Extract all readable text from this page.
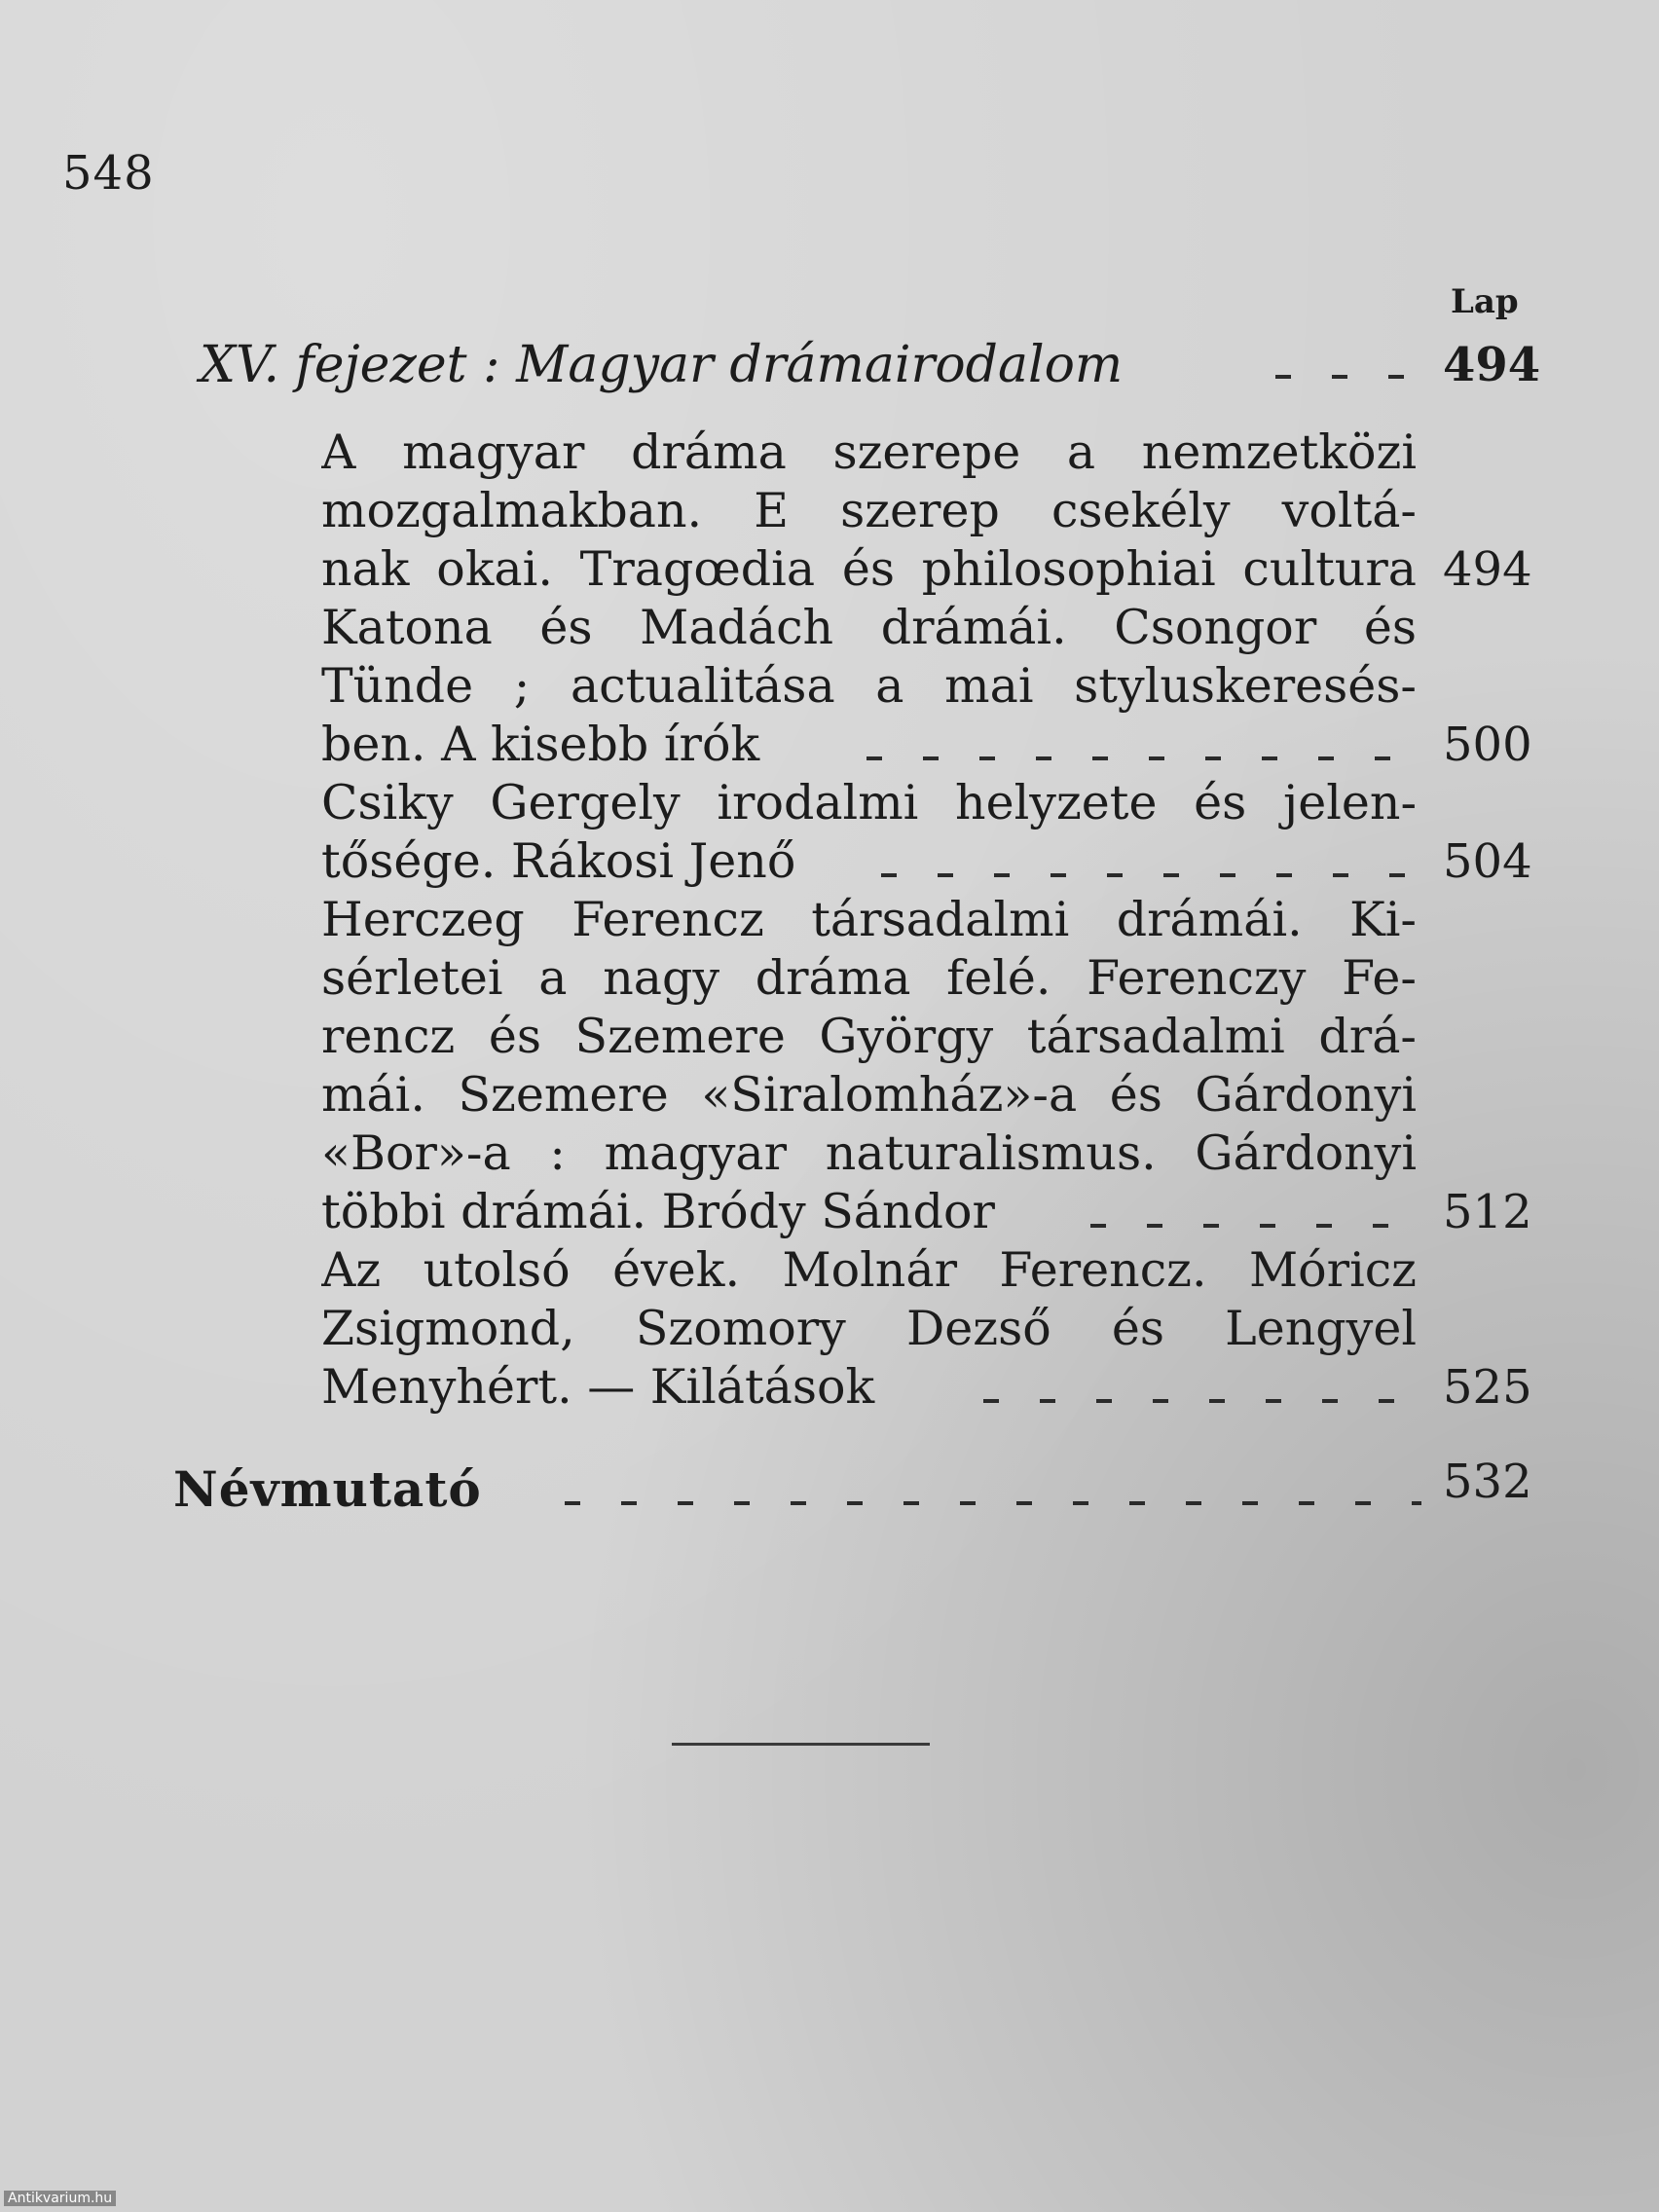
548
Lap
XV. fejezet : Magyar drámairodalom	494
A magyar dráma szerepe a nemzetközi
mozgalmakban. E szerep csekély voltá-
nak okai. Tragœdia és philosophiai cultura 494
Katona és Madách drámái. Csongor és
Tünde ; actualitása a mai styluskeresés-
ben. A kisebb írók	500
Csiky Gergely irodalmi helyzete és jelen-
tősége. Rákosi Jenő	504
Herczeg Ferencz társadalmi drámái. Ki-
sérletei a nagy dráma felé. Ferenczy Fe-
rencz és Szemere György társadalmi drá-
mái. Szemere «Siralomház»-a és Gárdonyi
«Bor»-a : magyar naturalismus. Gárdonyi
többi drámái. Bródy Sándor	512
Az utolsó évek. Molnár Ferencz. Móricz
Zsigmond, Szomory Dezső és Lengyel
Menyhért. — Kilátások	525
Névmutató	532
Antikvarium.hu
